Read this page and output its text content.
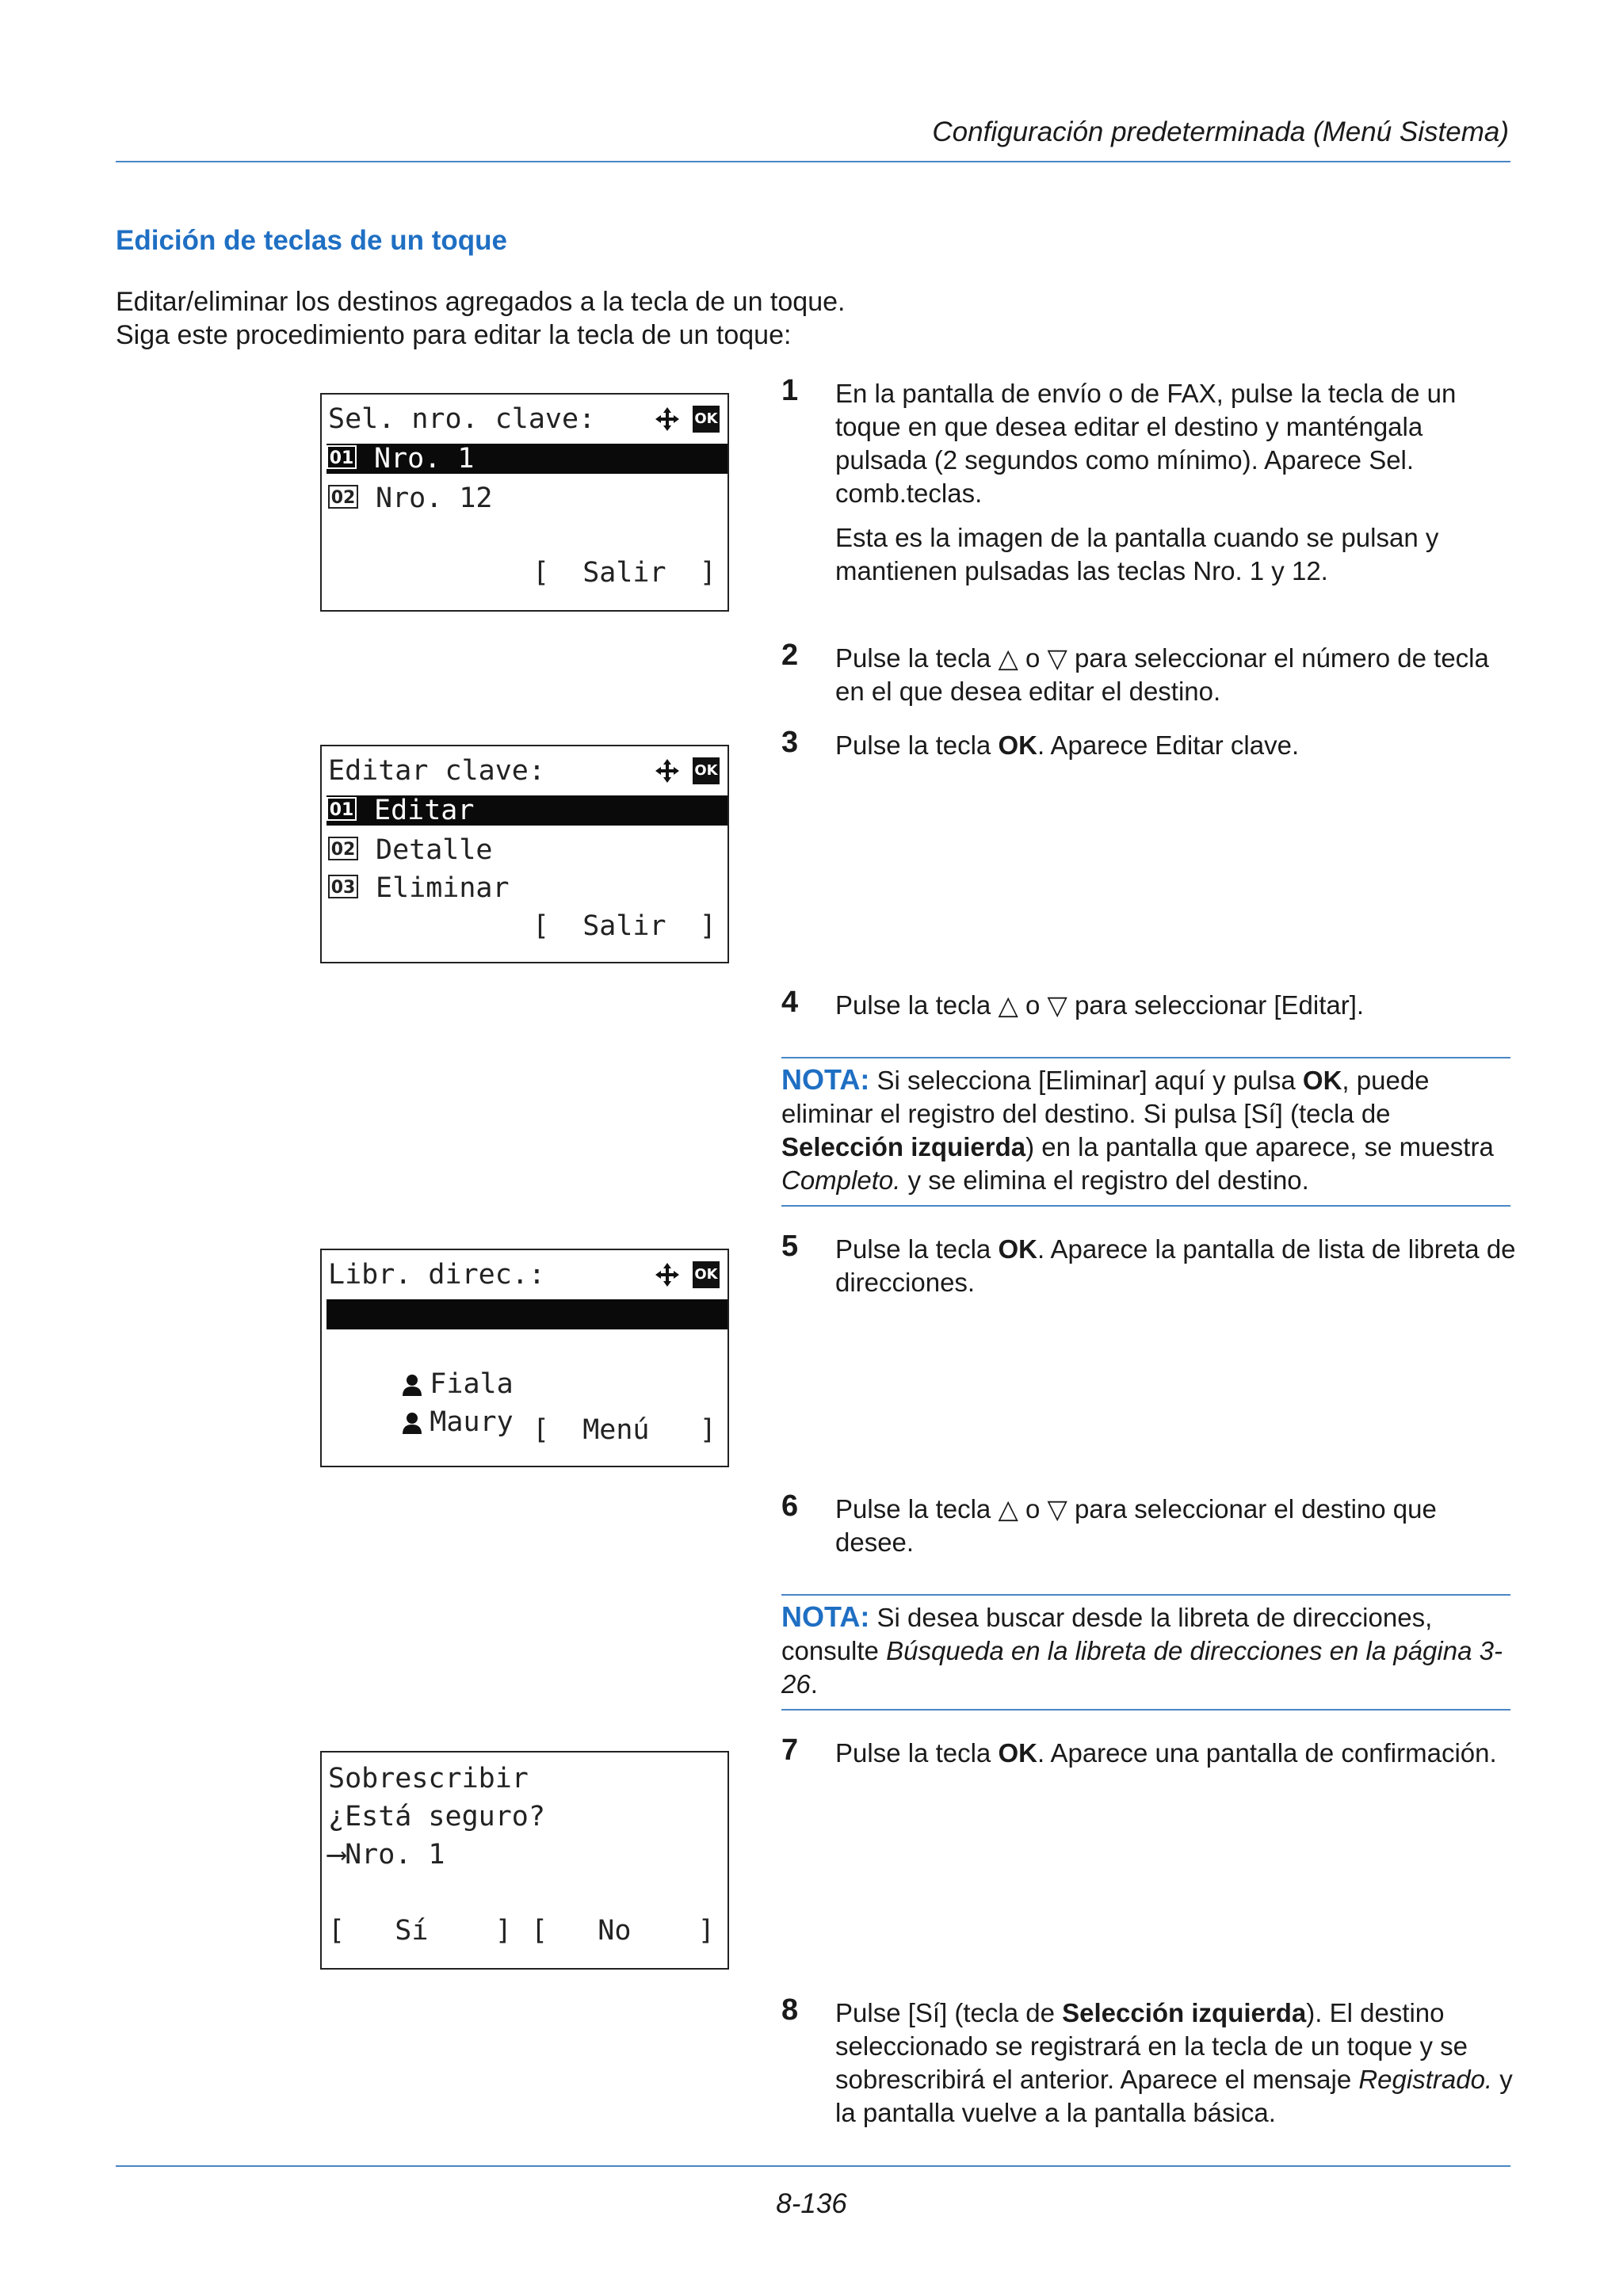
Configuración predeterminada (Menú Sistema)
Edición de teclas de un toque
Editar/eliminar los destinos agregados a la tecla de un toque.
Siga este procedimiento para editar la tecla de un toque:
Sel. nro. clave:	OK
01 Nro. 1
02 Nro. 12
[  Salir  ]
Editar clave:	OK
01 Editar
02 Detalle
03 Eliminar
[  Salir  ]
Libr. direc.:	OK

Design

Fiala

Maury [  Menú   ]
Sobrescribir
¿Está seguro?
⟶Nro. 1
[   Sí    ] [   No    ]
1 En la pantalla de envío o de FAX, pulse la tecla de un toque en que desea editar el destino y manténgala pulsada (2 segundos como mínimo). Aparece Sel. comb.teclas.
Esta es la imagen de la pantalla cuando se pulsan y mantienen pulsadas las teclas Nro. 1 y 12.
2 Pulse la tecla △ o ▽ para seleccionar el número de tecla en el que desea editar el destino.
3 Pulse la tecla OK. Aparece Editar clave.
4 Pulse la tecla △ o ▽ para seleccionar [Editar].
NOTA: Si selecciona [Eliminar] aquí y pulsa OK, puede eliminar el registro del destino. Si pulsa [Sí] (tecla de Selección izquierda) en la pantalla que aparece, se muestra Completo. y se elimina el registro del destino.
5 Pulse la tecla OK. Aparece la pantalla de lista de libreta de direcciones.
6 Pulse la tecla △ o ▽ para seleccionar el destino que desee.
NOTA: Si desea buscar desde la libreta de direcciones, consulte Búsqueda en la libreta de direcciones en la página 3-26.
7 Pulse la tecla OK. Aparece una pantalla de confirmación.
8 Pulse [Sí] (tecla de Selección izquierda). El destino seleccionado se registrará en la tecla de un toque y se sobrescribirá el anterior. Aparece el mensaje Registrado. y la pantalla vuelve a la pantalla básica.
8-136
